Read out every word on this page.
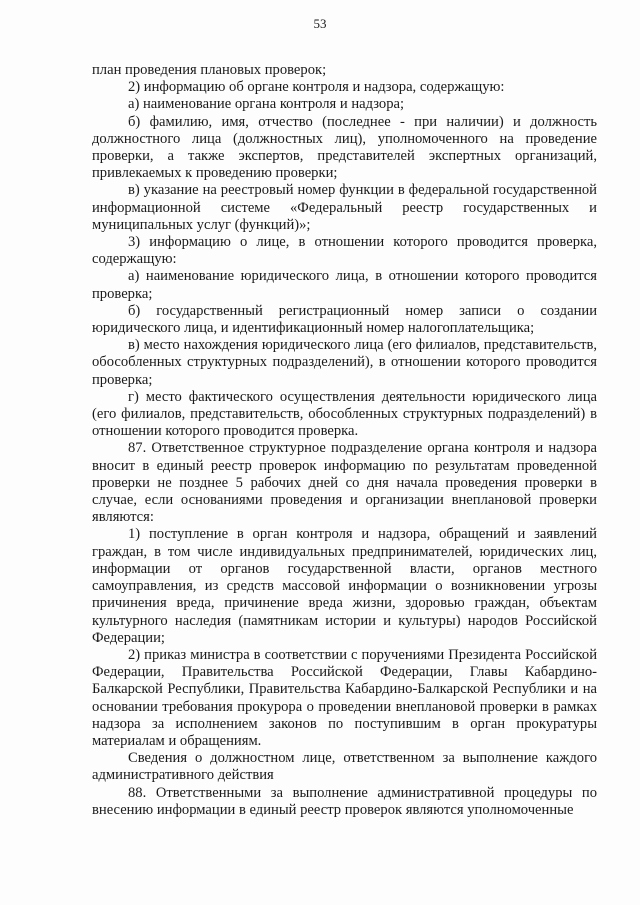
53

план проведения плановых проверок;

2) информацию об органе контроля и надзора, содержащую:

а) наименование органа контроля и надзора;

б) фамилию, имя, отчество (последнее - при наличии) и должность должностного лица (должностных лиц), уполномоченного на проведение проверки, а также экспертов, представителей экспертных организаций, привлекаемых к проведению проверки;

в) указание на реестровый номер функции в федеральной государственной информационной системе «Федеральный реестр государственных и муниципальных услуг (функций)»;

3) информацию о лице, в отношении которого проводится проверка, содержащую:

а) наименование юридического лица, в отношении которого проводится проверка;

б) государственный регистрационный номер записи о создании юридического лица, и идентификационный номер налогоплательщика;

в) место нахождения юридического лица (его филиалов, представительств, обособленных структурных подразделений), в отношении которого проводится проверка;

г) место фактического осуществления деятельности юридического лица (его филиалов, представительств, обособленных структурных подразделений) в отношении которого проводится проверка.

87. Ответственное структурное подразделение органа контроля и надзора вносит в единый реестр проверок информацию по результатам проведенной проверки не позднее 5 рабочих дней со дня начала проведения проверки в случае, если основаниями проведения и организации внеплановой проверки являются:

1) поступление в орган контроля и надзора, обращений и заявлений граждан, в том числе индивидуальных предпринимателей, юридических лиц, информации от органов государственной власти, органов местного самоуправления, из средств массовой информации о возникновении угрозы причинения вреда, причинение вреда жизни, здоровью граждан, объектам культурного наследия (памятникам истории и культуры) народов Российской Федерации;

2) приказ министра в соответствии с поручениями Президента Российской Федерации, Правительства Российской Федерации, Главы Кабардино-Балкарской Республики, Правительства Кабардино-Балкарской Республики и на основании требования прокурора о проведении внеплановой проверки в рамках надзора за исполнением законов по поступившим в орган прокуратуры материалам и обращениям.

Сведения о должностном лице, ответственном за выполнение каждого административного действия

88. Ответственными за выполнение административной процедуры по внесению информации в единый реестр проверок являются уполномоченные
